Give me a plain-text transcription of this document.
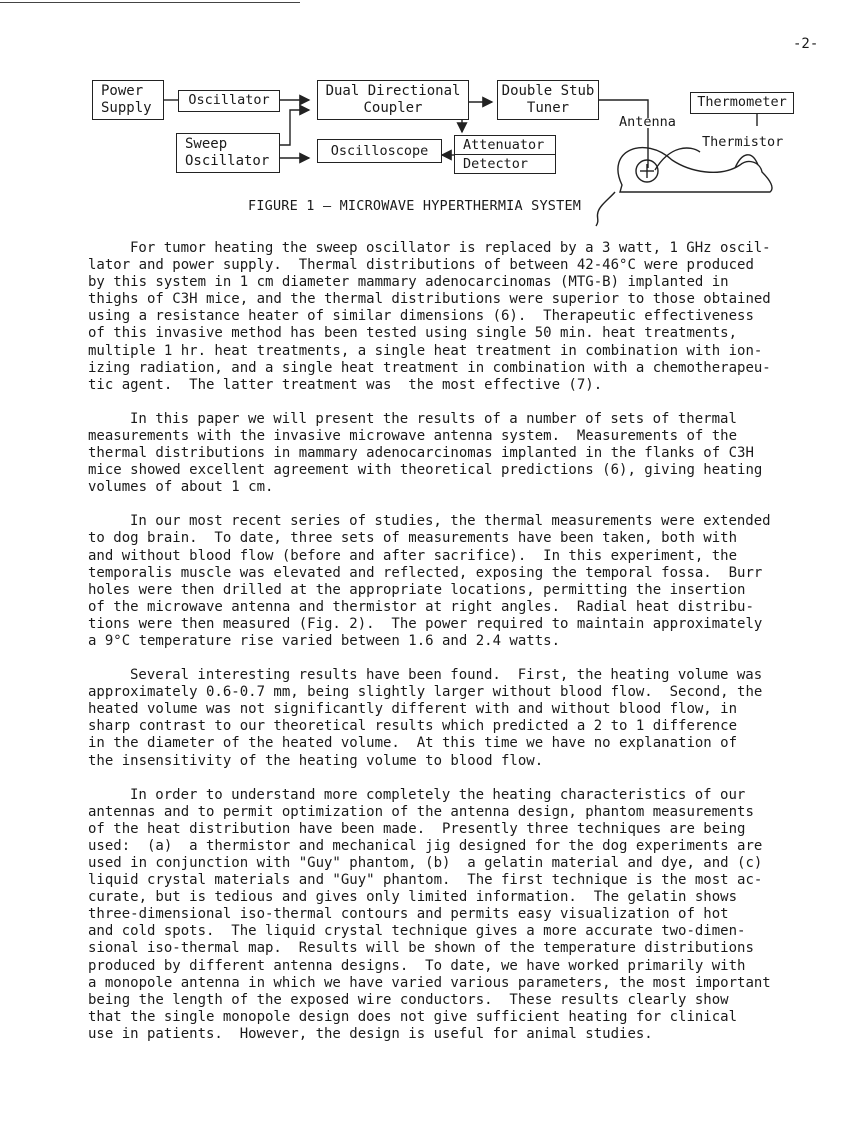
-2-
Power
Supply
Oscillator
Sweep
Oscillator
Dual Directional
Coupler
Oscilloscope
Double Stub
Tuner
Attenuator
Detector
Thermometer
Antenna
Thermistor
FIGURE 1 — MICROWAVE HYPERTHERMIA SYSTEM
For tumor heating the sweep oscillator is replaced by a 3 watt, 1 GHz oscil-
lator and power supply.  Thermal distributions of between 42-46°C were produced
by this system in 1 cm diameter mammary adenocarcinomas (MTG-B) implanted in
thighs of C3H mice, and the thermal distributions were superior to those obtained
using a resistance heater of similar dimensions (6).  Therapeutic effectiveness
of this invasive method has been tested using single 50 min. heat treatments,
multiple 1 hr. heat treatments, a single heat treatment in combination with ion-
izing radiation, and a single heat treatment in combination with a chemotherapeu-
tic agent.  The latter treatment was  the most effective (7).
In this paper we will present the results of a number of sets of thermal
measurements with the invasive microwave antenna system.  Measurements of the
thermal distributions in mammary adenocarcinomas implanted in the flanks of C3H
mice showed excellent agreement with theoretical predictions (6), giving heating
volumes of about 1 cm.
In our most recent series of studies, the thermal measurements were extended
to dog brain.  To date, three sets of measurements have been taken, both with
and without blood flow (before and after sacrifice).  In this experiment, the
temporalis muscle was elevated and reflected, exposing the temporal fossa.  Burr
holes were then drilled at the appropriate locations, permitting the insertion
of the microwave antenna and thermistor at right angles.  Radial heat distribu-
tions were then measured (Fig. 2).  The power required to maintain approximately
a 9°C temperature rise varied between 1.6 and 2.4 watts.
Several interesting results have been found.  First, the heating volume was
approximately 0.6-0.7 mm, being slightly larger without blood flow.  Second, the
heated volume was not significantly different with and without blood flow, in
sharp contrast to our theoretical results which predicted a 2 to 1 difference
in the diameter of the heated volume.  At this time we have no explanation of
the insensitivity of the heating volume to blood flow.
In order to understand more completely the heating characteristics of our
antennas and to permit optimization of the antenna design, phantom measurements
of the heat distribution have been made.  Presently three techniques are being
used:  (a)  a thermistor and mechanical jig designed for the dog experiments are
used in conjunction with "Guy" phantom, (b)  a gelatin material and dye, and (c)
liquid crystal materials and "Guy" phantom.  The first technique is the most ac-
curate, but is tedious and gives only limited information.  The gelatin shows
three-dimensional iso-thermal contours and permits easy visualization of hot
and cold spots.  The liquid crystal technique gives a more accurate two-dimen-
sional iso-thermal map.  Results will be shown of the temperature distributions
produced by different antenna designs.  To date, we have worked primarily with
a monopole antenna in which we have varied various parameters, the most important
being the length of the exposed wire conductors.  These results clearly show
that the single monopole design does not give sufficient heating for clinical
use in patients.  However, the design is useful for animal studies.
